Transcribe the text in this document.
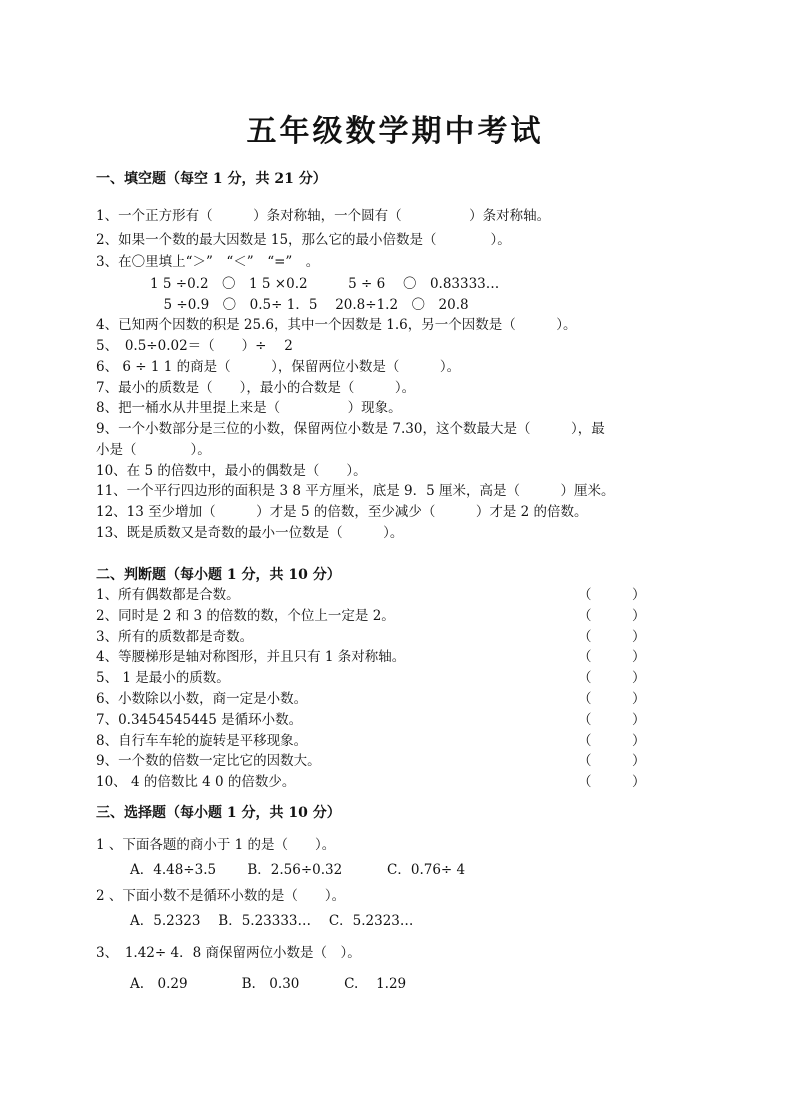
五年级数学期中考试
一、填空题（每空 1 分，共 21 分）
1、一个正方形有（　　　）条对称轴，一个圆有（　　　　　）条对称轴。
2、如果一个数的最大因数是 15，那么它的最小倍数是（　　　　）。
3、在〇里填上“＞”　“＜”　“=”　。
　　　　1 5 ÷0.2　〇　1 5 ×0.2　　　5 ÷ 6　 〇　0.83333…
　　　　　5 ÷0.9　〇　0.5÷ 1．5　 20.8÷1.2　〇　20.8
4、已知两个因数的积是 25.6，其中一个因数是 1.6，另一个因数是（　　　）。
5、　0.5÷0.02＝（　　）÷　 2
6、 6 ÷ 1 1 的商是（　　　），保留两位小数是（　　　）。
7、最小的质数是（　　），最小的合数是（　　　）。
8、把一桶水从井里提上来是（　　　　　）现象。
9、一个小数部分是三位的小数，保留两位小数是 7.30，这个数最大是（　　　），最
小是（　　　　）。
10、在 5 的倍数中，最小的偶数是（　　）。
11、一个平行四边形的面积是 3 8 平方厘米，底是 9．5 厘米，高是（　　　）厘米。
12、13 至少增加（　　　）才是 5 的倍数，至少减少（　　　）才是 2 的倍数。
13、既是质数又是奇数的最小一位数是（　　　）。
二、判断题（每小题 1 分，共 10 分）
1、所有偶数都是合数。	（　　　）
2、同时是 2 和 3 的倍数的数，个位上一定是 2。	（　　　）
3、所有的质数都是奇数。	（　　　）
4、等腰梯形是轴对称图形，并且只有 1 条对称轴。	（　　　）
5、 1 是最小的质数。	（　　　）
6、小数除以小数，商一定是小数。	（　　　）
7、0.3454545445 是循环小数。	（　　　）
8、自行车车轮的旋转是平移现象。	（　　　）
9、一个数的倍数一定比它的因数大。	（　　　）
10、 4 的倍数比 4 0 的倍数少。	（　　　）
三、选择题（每小题 1 分，共 10 分）
1 、下面各题的商小于 1 的是（　　）。
A．4.48÷3.5　　 B．2.56÷0.32　　　 C．0.76÷ 4
2 、下面小数不是循环小数的是（　　）。
A．5.2323　 B．5.23333…　 C．5.2323…
3、　1.42÷ 4．8 商保留两位小数是（　）。
A.　0.29　　　　B.　0.30　　　 C.　 1.29
